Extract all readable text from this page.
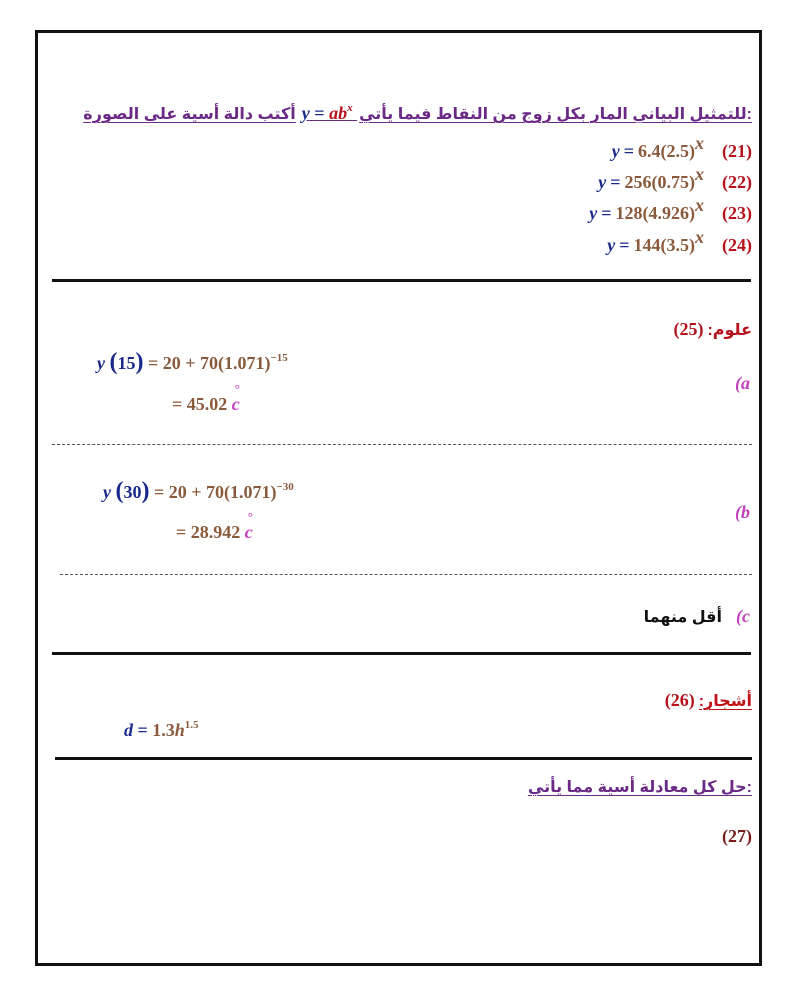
أكتب دالة أسية على الصورة $y = ab^x$ للتمثيل البياني المار بكل زوج من النقاط فيما يأتي:
$y = 6.4(2.5)^x$ (21)
$y = 256(0.75)^x$ (22)
$y = 128(4.926)^x$ (23)
$y = 144(3.5)^x$ (24)
علوم: (25)
y $(15) = 20 + 70(1.071)^{-15}$
= 45.02 ° c
(a
y $(30) = 20 + 70(1.071)^{-30}$
= 28.942 ° c
(b
أقل منهما (c
أشجار: (26)
$d = 1.3h^{1.5}$
حل كل معادلة أسية مما يأتي:
(27)
